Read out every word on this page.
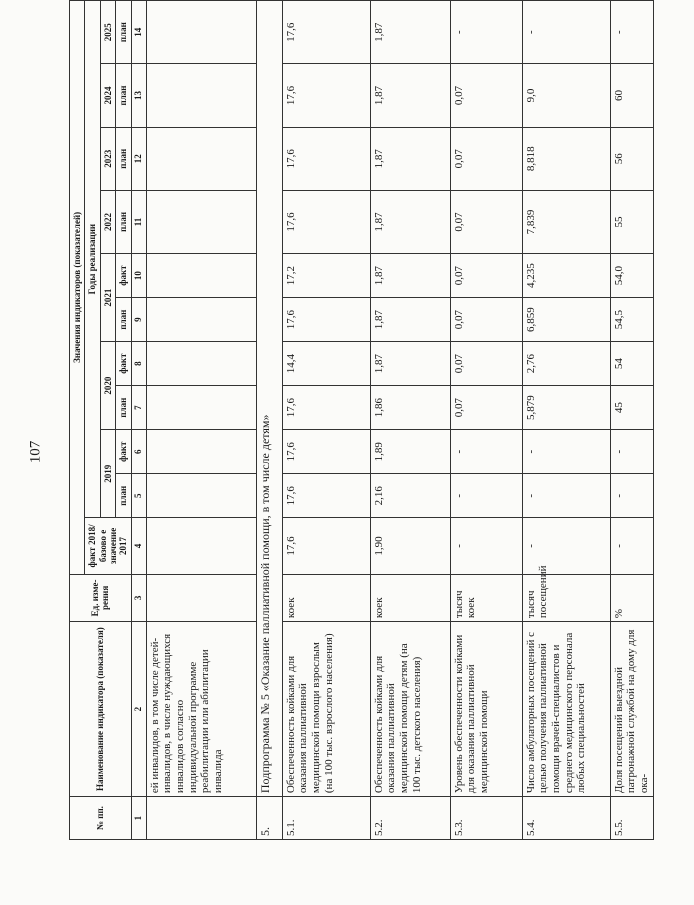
107
№ пп.	Наименование индикатора (показателя)	Ед. изме-рения	Значения индикаторов (показателей)										
			факт 2018/базово е значение 2017	Годы реализации									
				2019		2020		2021		2022	2023	2024	2025
				план	факт	план	факт	план	факт	план	план	план	план
1	2	3	4	5	6	7	8	9	10	11	12	13	14
	ей инвалидов, в том числе детей-инвалидов, в числе нуждающихся инвалидов согласно индивидуальной программе реабилитации или абилитации инвалида												
5.	Подпрограмма № 5 «Оказание паллиативной помощи, в том числе детям»												
5.1.	Обеспеченность койками для оказания паллиативной медицинской помощи взрослым (на 100 тыс. взрослого населения)	коек	17,6	17,6	17,6	17,6	14,4	17,6	17,2	17,6	17,6	17,6	17,6
5.2.	Обеспеченность койками для оказания паллиативной медицинской помощи детям (на 100 тыс. детского населения)	коек	1,90	2,16	1,89	1,86	1,87	1,87	1,87	1,87	1,87	1,87	1,87
5.3.	Уровень обеспеченности койками для оказания паллиативной медицинской помощи	тысяч коек	-	-	-	0,07	0,07	0,07	0,07	0,07	0,07	0,07	-
5.4.	Число амбулаторных посещений с целью получения паллиативной помощи врачей-специалистов и среднего медицинского персонала любых специальностей	тысяч посещений	-	-	-	5,879	2,76	6,859	4,235	7,839	8,818	9,0	-
5.5.	Доля посещений выездной патронажной службой на дому для ока-	%	-	-	-	45	54	54,5	54,0	55	56	60	-
